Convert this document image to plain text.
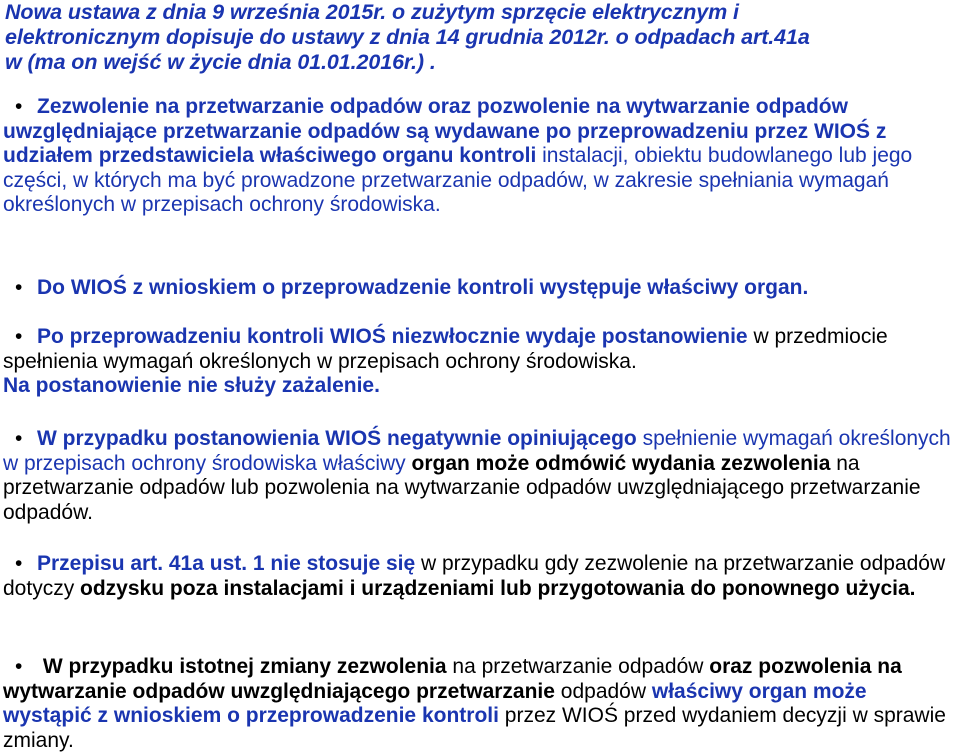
Nowa ustawa z dnia 9 września 2015r. o zużytym sprzęcie elektrycznym i
elektronicznym dopisuje do ustawy z dnia 14 grudnia 2012r. o odpadach art.41a
w (ma on wejść w życie dnia 01.01.2016r.) .
• Zezwolenie na przetwarzanie odpadów oraz pozwolenie na wytwarzanie odpadów uwzględniające przetwarzanie odpadów są wydawane po przeprowadzeniu przez WIOŚ z udziałem przedstawiciela właściwego organu kontroli instalacji, obiektu budowlanego lub jego części, w których ma być prowadzone przetwarzanie odpadów, w zakresie spełniania wymagań określonych w przepisach ochrony środowiska.
• Do WIOŚ z wnioskiem o przeprowadzenie kontroli występuje właściwy organ.
• Po przeprowadzeniu kontroli WIOŚ niezwłocznie wydaje postanowienie w przedmiocie spełnienia wymagań określonych w przepisach ochrony środowiska.
Na postanowienie nie służy zażalenie.
• W przypadku postanowienia WIOŚ negatywnie opiniującego spełnienie wymagań określonych w przepisach ochrony środowiska właściwy organ może odmówić wydania zezwolenia na przetwarzanie odpadów lub pozwolenia na wytwarzanie odpadów uwzględniającego przetwarzanie odpadów.
• Przepisu art. 41a ust. 1 nie stosuje się w przypadku gdy zezwolenie na przetwarzanie odpadów dotyczy odzysku poza instalacjami i urządzeniami lub przygotowania do ponownego użycia.
• W przypadku istotnej zmiany zezwolenia na przetwarzanie odpadów oraz pozwolenia na wytwarzanie odpadów uwzględniającego przetwarzanie odpadów właściwy organ może wystąpić z wnioskiem o przeprowadzenie kontroli przez WIOŚ przed wydaniem decyzji w sprawie zmiany.
